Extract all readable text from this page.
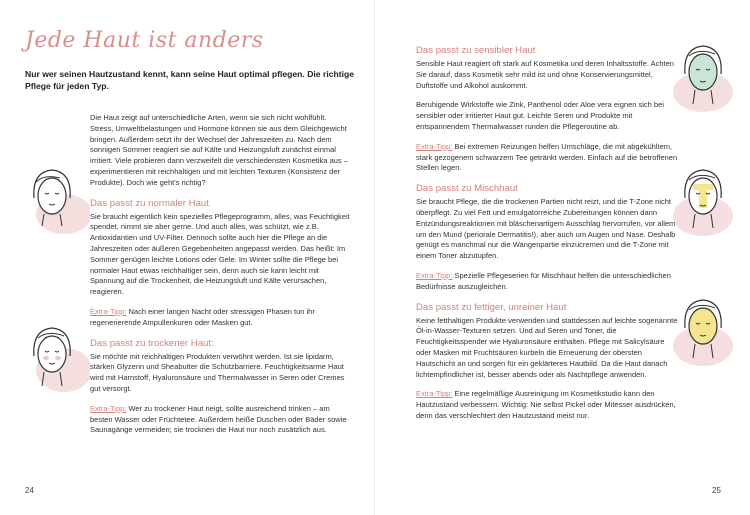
Jede Haut ist anders

Nur wer seinen Hautzustand kennt, kann seine Haut optimal pflegen. Die richtige Pflege für jeden Typ.

Die Haut zeigt auf unterschiedliche Arten, wenn sie sich nicht wohlfühlt. Stress, Umweltbelastungen und Hormone können sie aus dem Gleichgewicht bringen. Außerdem setzt ihr der Wechsel der Jahreszeiten zu. Nach dem sonnigen Sommer reagiert sie auf Kälte und Heizungsluft zunächst einmal irritiert. Viele probieren dann verzweifelt die verschiedensten Kosmetika aus – experimentieren mit reichhaltigen und mit leichten Texturen (Konsistenz der Produkte). Doch wie geht's richtig?

Das passt zu normaler Haut

Sie braucht eigentlich kein spezielles Pflegeprogramm, alles, was Feuchtigkeit spendet, nimmt sie aber gerne. Und auch alles, was schützt, wie z.B. Antioxidantien und UV-Filter. Dennoch sollte auch hier die Pflege an die Jahreszeiten oder äußeren Gegebenheiten angepasst werden. Das heißt: Im Sommer genügen leichte Lotions oder Gele. Im Winter sollte die Pflege bei normaler Haut etwas reichhaltiger sein, denn auch sie kann leicht mit Spannung auf die Trockenheit, die Heizungsluft und Kälte verursachen, reagieren.

Extra-Tipp: Nach einer langen Nacht oder stressigen Phasen tun ihr regenerierende Ampullenkuren oder Masken gut.

Das passt zu trockener Haut:

Sie möchte mit reichhaltigen Produkten verwöhnt werden. Ist sie lipidarm, stärken Glyzerin und Sheabutter die Schutzbarriere. Feuchtigkeitsarme Haut wird mit Harnstoff, Hyaluronsäure und Thermalwasser in Seren oder Cremes gut versorgt.

Extra-Tipp: Wer zu trockener Haut neigt, sollte ausreichend trinken – am besten Wasser oder Früchtetee. Außerdem heiße Duschen oder Bäder sowie Saunagänge vermeiden; sie trocknen die Haut nur noch zusätzlich aus.

24
Das passt zu sensibler Haut

Sensible Haut reagiert oft stark auf Kosmetika und deren Inhaltsstoffe. Achten Sie darauf, dass Kosmetik sehr mild ist und ohne Konservierungsmittel, Duftstoffe und Alkohol auskommt.

Beruhigende Wirkstoffe wie Zink, Panthenol oder Aloe vera eignen sich bei sensibler oder irritierter Haut gut. Leichte Seren und Produkte mit entspannendem Thermalwasser runden die Pflegeroutine ab.

Extra-Tipp: Bei extremen Reizungen helfen Umschläge, die mit abgekühltem, stark gezogenem schwarzem Tee getränkt werden. Einfach auf die betroffenen Stellen legen.

Das passt zu Mischhaut

Sie braucht Pflege, die die trockenen Partien nicht reizt, und die T-Zone nicht überpflegt. Zu viel Fett und emulgatorreiche Zubereitungen können dann Entzündungsreaktionen mit bläschenartigem Ausschlag hervorrufen, vor allem um den Mund (periorale Dermatitis!), aber auch um Augen und Nase. Deshalb genügt es manchmal nur die Wangenpartie einzucremen und die T-Zone mit einem Toner abzutupfen.

Extra-Tipp: Spezielle Pflegeserien für Mischhaut helfen die unterschiedlichen Bedürfnisse auszugleichen.

Das passt zu fettiger, unreiner Haut

Keine fetthaltigen Produkte verwenden und stattdessen auf leichte sogenannte Öl-in-Wasser-Texturen setzen. Und auf Seren und Toner, die Feuchtigkeitsspender wie Hyaluronsäure enthalten. Pflege mit Salicylsäure oder Masken mit Fruchtsäuren kurbeln die Erneuerung der obersten Hautschicht an und sorgen für ein geklärteres Hautbild. Da die Haut danach lichtempfindlicher ist, besser abends oder als Nachtpflege anwenden.

Extra-Tipp: Eine regelmäßige Ausreinigung im Kosmetikstudio kann den Hautzustand verbessern. Wichtig: Nie selbst Pickel oder Mitesser ausdrücken, denn das verschlechtert den Hautzustand meist nur.

25
